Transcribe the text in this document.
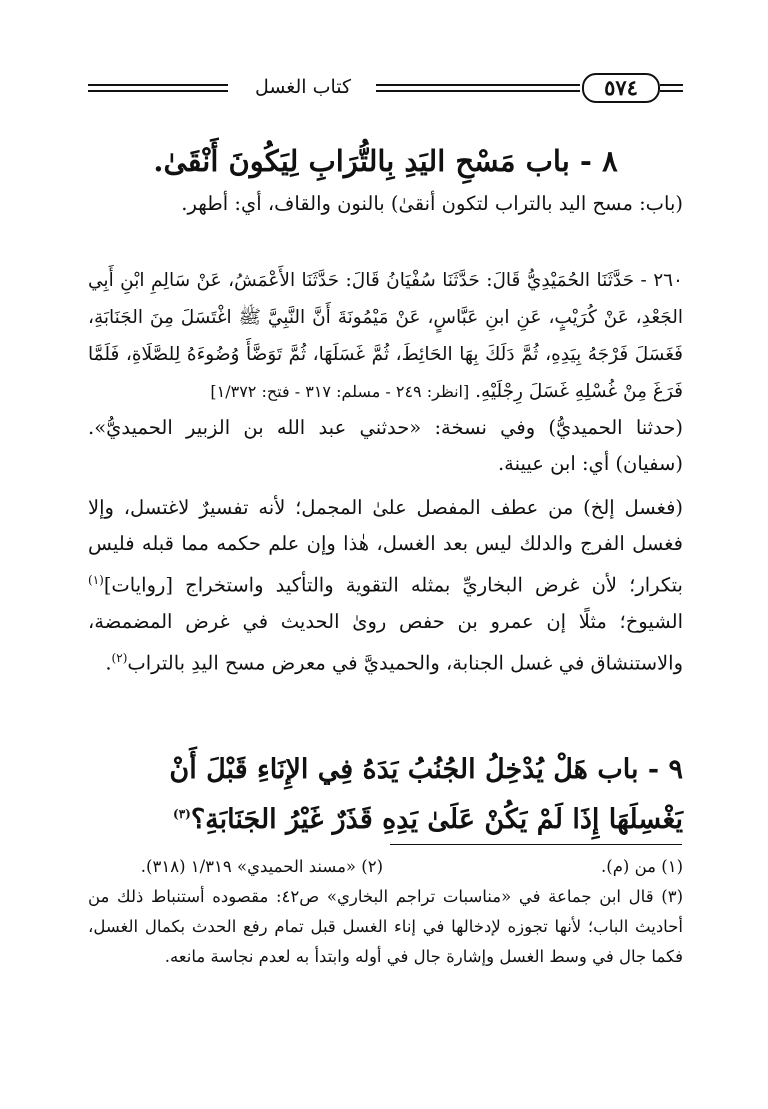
كتاب الغسل	٥٧٤
٨ - باب مَسْحِ اليَدِ بِالتُّرَابِ لِيَكُونَ أَنْقَىٰ.
(باب: مسح اليد بالتراب لتكون أنقىٰ) بالنون والقاف، أي: أطهر.
٢٦٠ - حَدَّثَنَا الحُمَيْدِيُّ قَالَ: حَدَّثَنَا سُفْيَانُ قَالَ: حَدَّثَنَا الأَعْمَشُ، عَنْ سَالِمِ ابْنِ أَبِي الجَعْدِ، عَنْ كُرَيْبٍ، عَنِ ابنِ عَبَّاسٍ، عَنْ مَيْمُونَةَ أَنَّ النَّبِيَّ ﷺ اغْتَسَلَ مِنَ الجَنَابَةِ، فَغَسَلَ فَرْجَهُ بِيَدِهِ، ثُمَّ دَلَكَ بِهَا الحَائِطَ، ثُمَّ غَسَلَهَا، ثُمَّ تَوَضَّأَ وُضُوءَهُ لِلصَّلَاةِ، فَلَمَّا فَرَغَ مِنْ غُسْلِهِ غَسَلَ رِجْلَيْهِ. [انظر: ٢٤٩ - مسلم: ٣١٧ - فتح: ١/٣٧٢]
(حدثنا الحميديُّ) وفي نسخة: «حدثني عبد الله بن الزبير الحميديُّ». (سفيان) أي: ابن عيينة.
(فغسل إلخ) من عطف المفصل علىٰ المجمل؛ لأنه تفسيرٌ لاغتسل، وإلا فغسل الفرج والدلك ليس بعد الغسل، هٰذا وإن علم حكمه مما قبله فليس بتكرار؛ لأن غرض البخاريِّ بمثله التقوية والتأكيد واستخراج [روايات]$^{(١)}$ الشيوخ؛ مثلًا إن عمرو بن حفص روىٰ الحديث في غرض المضمضة، والاستنشاق في غسل الجنابة، والحميديَّ في معرض مسح اليدِ بالتراب$^{(٢)}$.
٩ - باب هَلْ يُدْخِلُ الجُنُبُ يَدَهُ فِي الإِنَاءِ قَبْلَ أَنْ يَغْسِلَهَا إِذَا لَمْ يَكُنْ عَلَىٰ يَدِهِ قَذَرٌ غَيْرُ الجَنَابَةِ؟$^{(٣)}$
(١) من (م).
(٢) «مسند الحميدي» ١/٣١٩ (٣١٨).
(٣) قال ابن جماعة في «مناسبات تراجم البخاري» ص٤٢: مقصوده أستنباط ذلك من أحاديث الباب؛ لأنها تجوزه لإدخالها في إناء الغسل قبل تمام رفع الحدث بكمال الغسل، فكما جال في وسط الغسل وإشارة جال في أوله وابتدأ به لعدم نجاسة مانعه.
